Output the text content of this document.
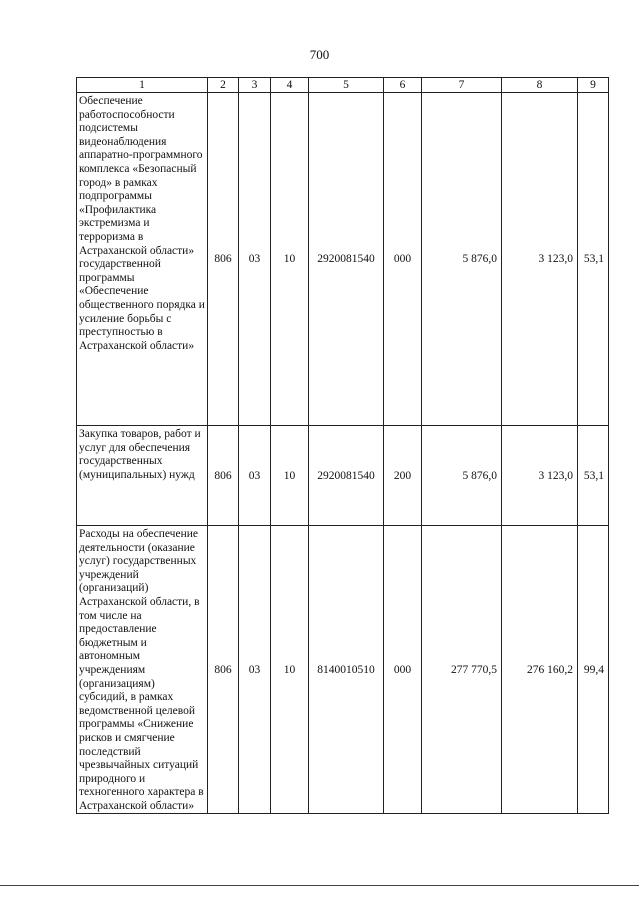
700
1	2	3	4	5	6	7	8	9
Обеспечение работоспособности подсистемы видеонаблюдения аппаратно-программного комплекса «Безопасный город» в рамках подпрограммы «Профилактика экстремизма и терроризма в Астраханской области» государственной программы «Обеспечение общественного порядка и усиление борьбы с преступностью в Астраханской области»	806	03	10	2920081540	000	5 876,0	3 123,0	53,1
Закупка товаров, работ и услуг для обеспечения государственных (муниципальных) нужд	806	03	10	2920081540	200	5 876,0	3 123,0	53,1
Расходы на обеспечение деятельности (оказание услуг) государственных учреждений (организаций) Астраханской области, в том числе на предоставление бюджетным и автономным учреждениям (организациям) субсидий, в рамках ведомственной целевой программы «Снижение рисков и смягчение последствий чрезвычайных ситуаций природного и техногенного характера в Астраханской области»	806	03	10	8140010510	000	277 770,5	276 160,2	99,4
